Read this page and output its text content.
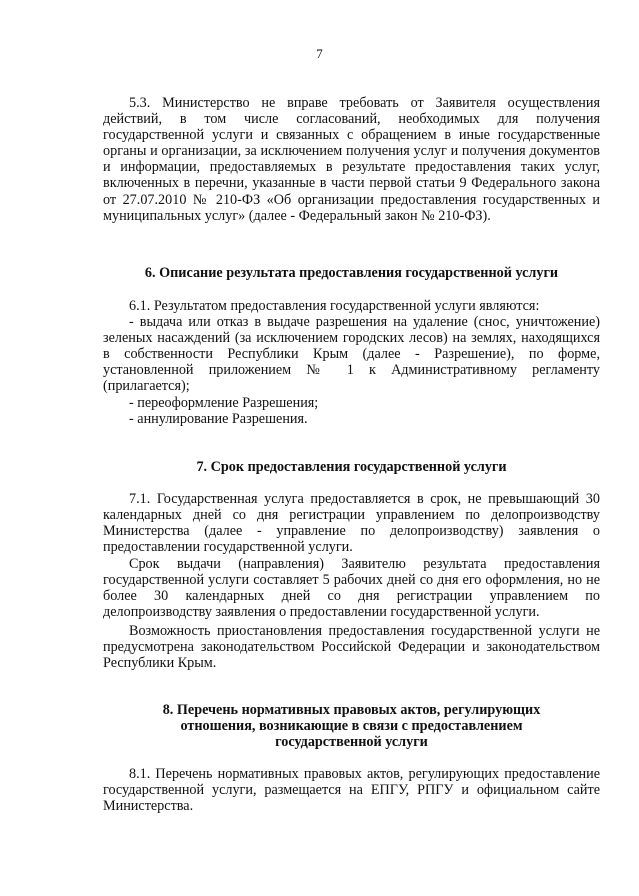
7
5.3. Министерство не вправе требовать от Заявителя осуществления действий, в том числе согласований, необходимых для получения государственной услуги и связанных с обращением в иные государственные органы и организации, за исключением получения услуг и получения документов и информации, предоставляемых в результате предоставления таких услуг, включенных в перечни, указанные в части первой статьи 9 Федерального закона от 27.07.2010 № 210-ФЗ «Об организации предоставления государственных и муниципальных услуг» (далее - Федеральный закон № 210-ФЗ).
6. Описание результата предоставления государственной услуги
6.1. Результатом предоставления государственной услуги являются:
- выдача или отказ в выдаче разрешения на удаление (снос, уничтожение) зеленых насаждений (за исключением городских лесов) на землях, находящихся в собственности Республики Крым (далее - Разрешение), по форме, установленной приложением № 1 к Административному регламенту (прилагается);
- переоформление Разрешения;
- аннулирование Разрешения.
7. Срок предоставления государственной услуги
7.1. Государственная услуга предоставляется в срок, не превышающий 30 календарных дней со дня регистрации управлением по делопроизводству Министерства (далее - управление по делопроизводству) заявления о предоставлении государственной услуги.
Срок выдачи (направления) Заявителю результата предоставления государственной услуги составляет 5 рабочих дней со дня его оформления, но не более 30 календарных дней со дня регистрации управлением по делопроизводству заявления о предоставлении государственной услуги.
Возможность приостановления предоставления государственной услуги не предусмотрена законодательством Российской Федерации и законодательством Республики Крым.
8. Перечень нормативных правовых актов, регулирующих
отношения, возникающие в связи с предоставлением
государственной услуги
8.1. Перечень нормативных правовых актов, регулирующих предоставление государственной услуги, размещается на ЕПГУ, РПГУ и официальном сайте Министерства.
